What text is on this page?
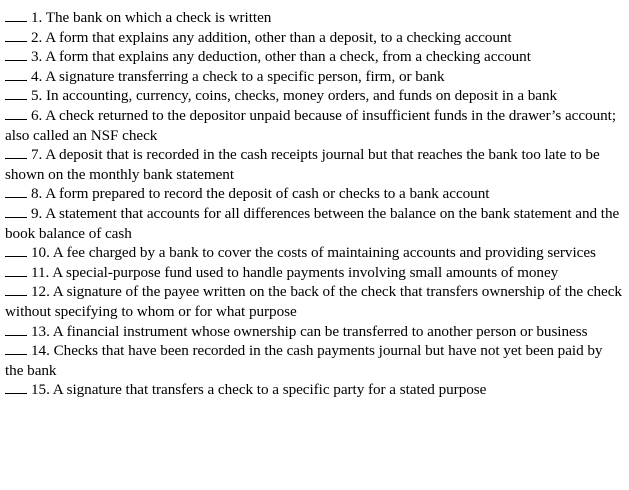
1. The bank on which a check is written
2. A form that explains any addition, other than a deposit, to a checking account
3. A form that explains any deduction, other than a check, from a checking account
4. A signature transferring a check to a specific person, firm, or bank
5. In accounting, currency, coins, checks, money orders, and funds on deposit in a bank
6. A check returned to the depositor unpaid because of insufficient funds in the drawer’s account; also called an NSF check
7. A deposit that is recorded in the cash receipts journal but that reaches the bank too late to be shown on the monthly bank statement
8. A form prepared to record the deposit of cash or checks to a bank account
9. A statement that accounts for all differences between the balance on the bank statement and the book balance of cash
10. A fee charged by a bank to cover the costs of maintaining accounts and providing services
11. A special-purpose fund used to handle payments involving small amounts of money
12. A signature of the payee written on the back of the check that transfers ownership of the check without specifying to whom or for what purpose
13. A financial instrument whose ownership can be transferred to another person or business
14. Checks that have been recorded in the cash payments journal but have not yet been paid by the bank
15. A signature that transfers a check to a specific party for a stated purpose
